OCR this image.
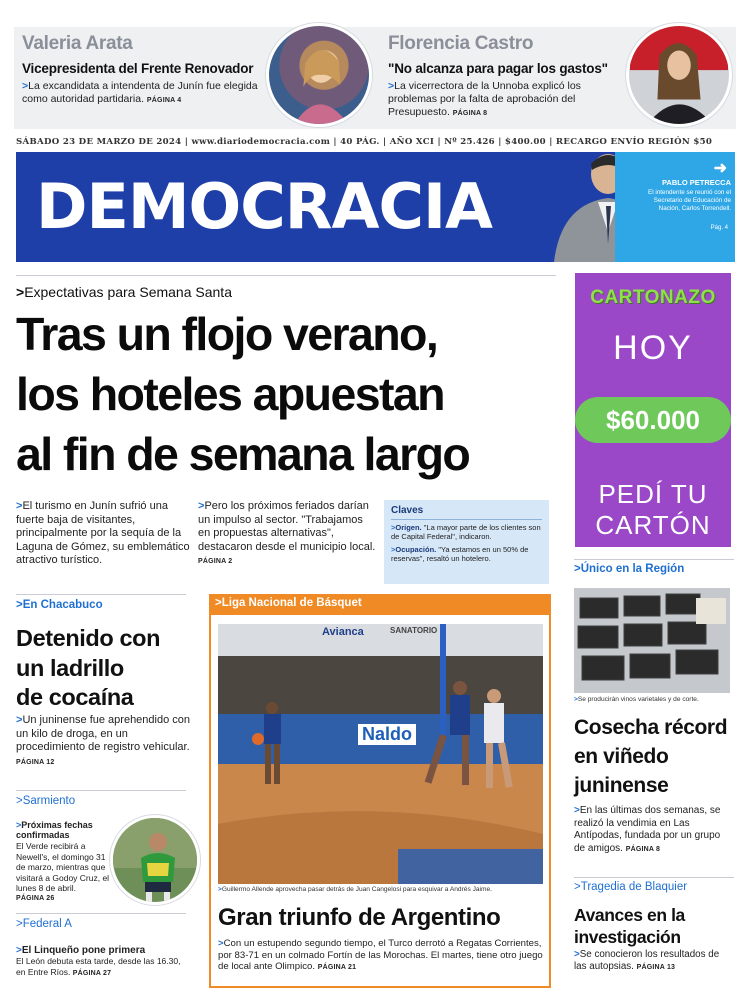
Valeria Arata
Vicepresidenta del Frente Renovador
>La excandidata a intendenta de Junín fue elegida como autoridad partidaria. PÁGINA 4
Florencia Castro
"No alcanza para pagar los gastos"
>La vicerrectora de la Unnoba explicó los problemas por la falta de aprobación del Presupuesto. PÁGINA 8
SÁBADO 23 DE MARZO DE 2024 | www.diariodemocracia.com | 40 PÁG. | AÑO XCI | Nº 25.426 | $400.00 | RECARGO ENVÍO REGIÓN $50
DEMOCRACIA
➜
PABLO PETRECCA
El intendente se reunió con el Secretario de Educación de Nación, Carlos Torrendell.
Pág. 4
>Expectativas para Semana Santa
Tras un flojo verano,
los hoteles apuestan
al fin de semana largo
>El turismo en Junín sufrió una fuerte baja de visitantes, principalmente por la sequía de la Laguna de Gómez, su emblemático atractivo turístico.
>Pero los próximos feriados darían un impulso al sector. "Trabajamos en propuestas alternativas", destacaron desde el municipio local. PÁGINA 2
Claves
>Origen. "La mayor parte de los clientes son de Capital Federal", indicaron.
>Ocupación. "Ya estamos en un 50% de reservas", resaltó un hotelero.
CARTONAZO
HOY
$60.000
PEDÍ TU
CARTÓN
>En Chacabuco
Detenido con
un ladrillo
de cocaína
>Un juninense fue aprehendido con un kilo de droga, en un procedimiento de registro vehicular. PÁGINA 12
>Sarmiento
>Próximas fechas confirmadas
El Verde recibirá a Newell's, el domingo 31 de marzo, mientras que visitará a Godoy Cruz, el lunes 8 de abril.
PÁGINA 26
>Federal A
>El Linqueño pone primera
El León debuta esta tarde, desde las 16.30, en Entre Ríos. PÁGINA 27
>Liga Nacional de Básquet
Avianca	SANATORIO
Naldo
>Guillermo Allende aprovecha pasar detrás de Juan Cangelosi para esquivar a Andrés Jaime.
Gran triunfo de Argentino
>Con un estupendo segundo tiempo, el Turco derrotó a Regatas Corrientes, por 83-71 en un colmado Fortín de las Morochas. El martes, tiene otro juego de local ante Olimpico. PÁGINA 21
>Único en la Región
>Se producirán vinos varietales y de corte.
Cosecha récord
en viñedo
juninense
>En las últimas dos semanas, se realizó la vendimia en Las Antípodas, fundada por un grupo de amigos. PÁGINA 8
>Tragedia de Blaquier
Avances en la
investigación
>Se conocieron los resultados de las autopsias. PÁGINA 13
